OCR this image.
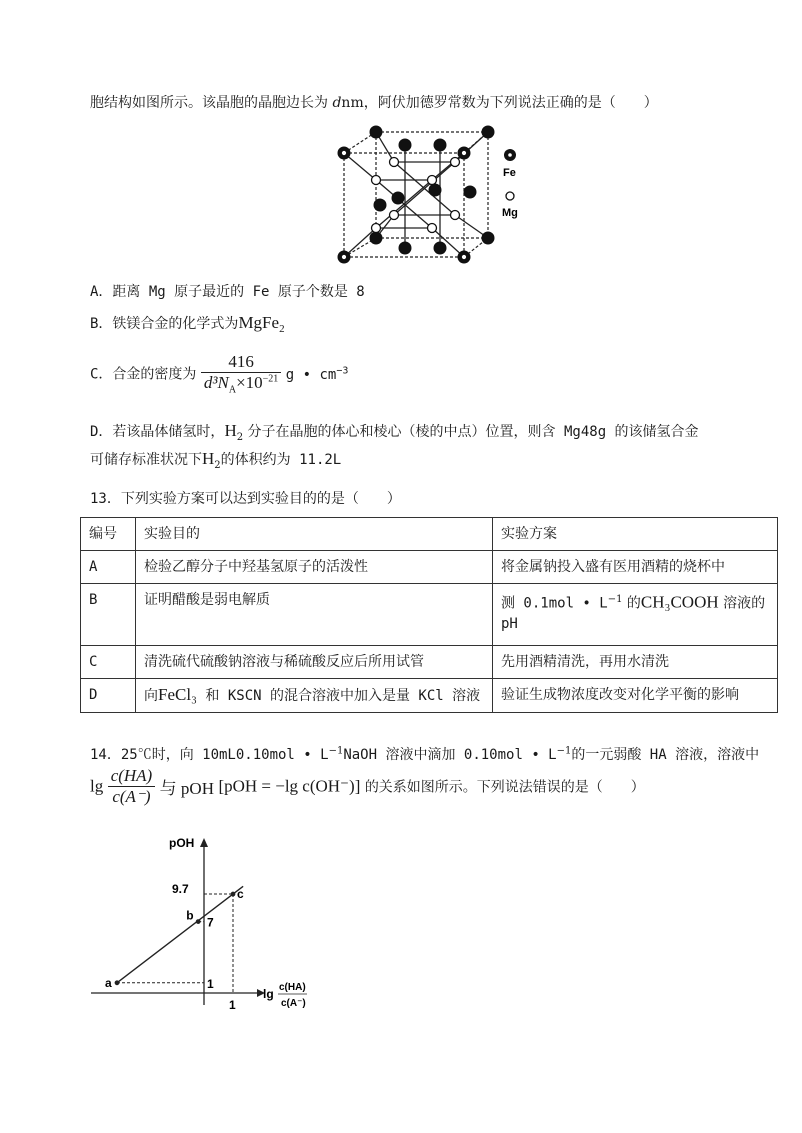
胞结构如图所示。该晶胞的晶胞边长为 dnm，阿伏加德罗常数为下列说法正确的是（　　）
Fe
Mg
A．距离 Mg 原子最近的 Fe 原子个数是 8
B．铁镁合金的化学式为MgFe$_2$
C．合金的密度为 $\frac{416}{d^3N_A\times 10^{-21}}$ g • $cm^{-3}$
D．若该晶体储氢时，$H_2$ 分子在晶胞的体心和棱心（棱的中点）位置，则含 Mg48g 的该储氢合金
可储存标准状况下$H_2$的体积约为 11.2L
13．下列实验方案可以达到实验目的的是（　　）
编号	实验目的	实验方案
A	检验乙醇分子中羟基氢原子的活泼性	将金属钠投入盛有医用酒精的烧杯中
B	证明醋酸是弱电解质	测 0.1mol • $L^{-1}$ 的CH₃COOH 溶液的
pH
C	清洗硫代硫酸钠溶液与稀硫酸反应后所用试管	先用酒精清洗，再用水清洗
D	向FeCl₃ 和 KSCN 的混合溶液中加入是量 KCl 溶液	验证生成物浓度改变对化学平衡的影响
14．25℃时，向 10mL0.10mol • $L^{-1}NaOH$ 溶液中滴加 0.10mol • $L^{-1}$的一元弱酸 HA 溶液，溶液中
$\lg \frac{c(HA)}{c(A^-)}$ 与 pOH [pOH = −lg c(OH⁻)] 的关系如图所示。下列说法错误的是（　　）
pOH
lg c(HA)
c(A⁻)
a
b
c
9.7
7
1
1
